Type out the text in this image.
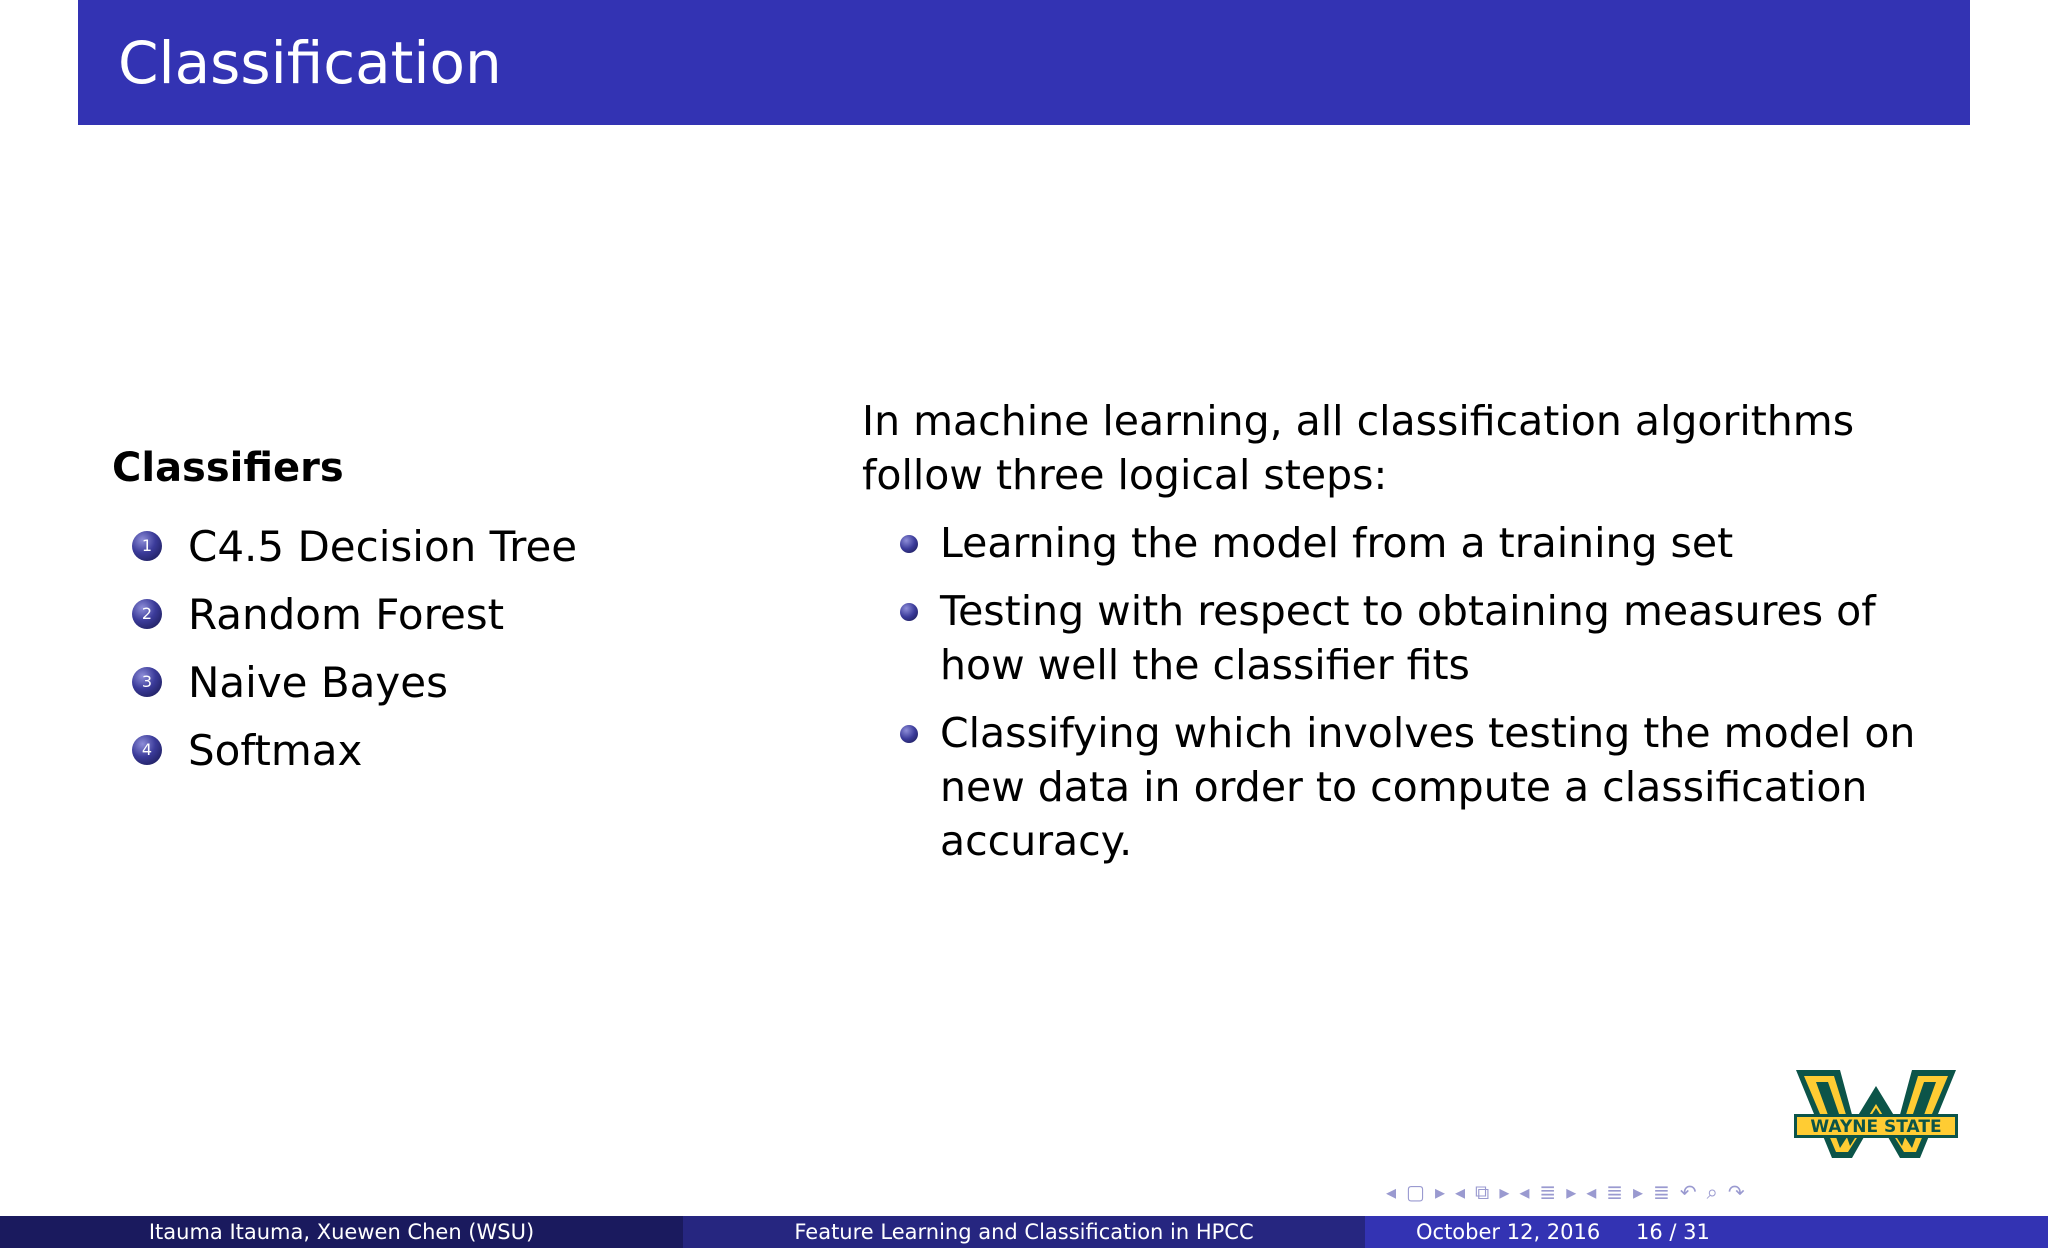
Classification
Classifiers
1 C4.5 Decision Tree
2 Random Forest
3 Naive Bayes
4 Softmax

In machine learning, all classification algorithms follow three logical steps:

Learning the model from a training set
Testing with respect to obtaining measures of how well the classifier fits
Classifying which involves testing the model on new data in order to compute a classification accuracy.
WAYNE STATE
◂ ▢ ▸ ◂ ⧉ ▸ ◂ ≣ ▸ ◂ ≣ ▸ ≣ ↶ ⌕ ↷
Itauma Itauma, Xuewen Chen (WSU)	Feature Learning and Classification in HPCC	October 12, 2016 16 / 31
